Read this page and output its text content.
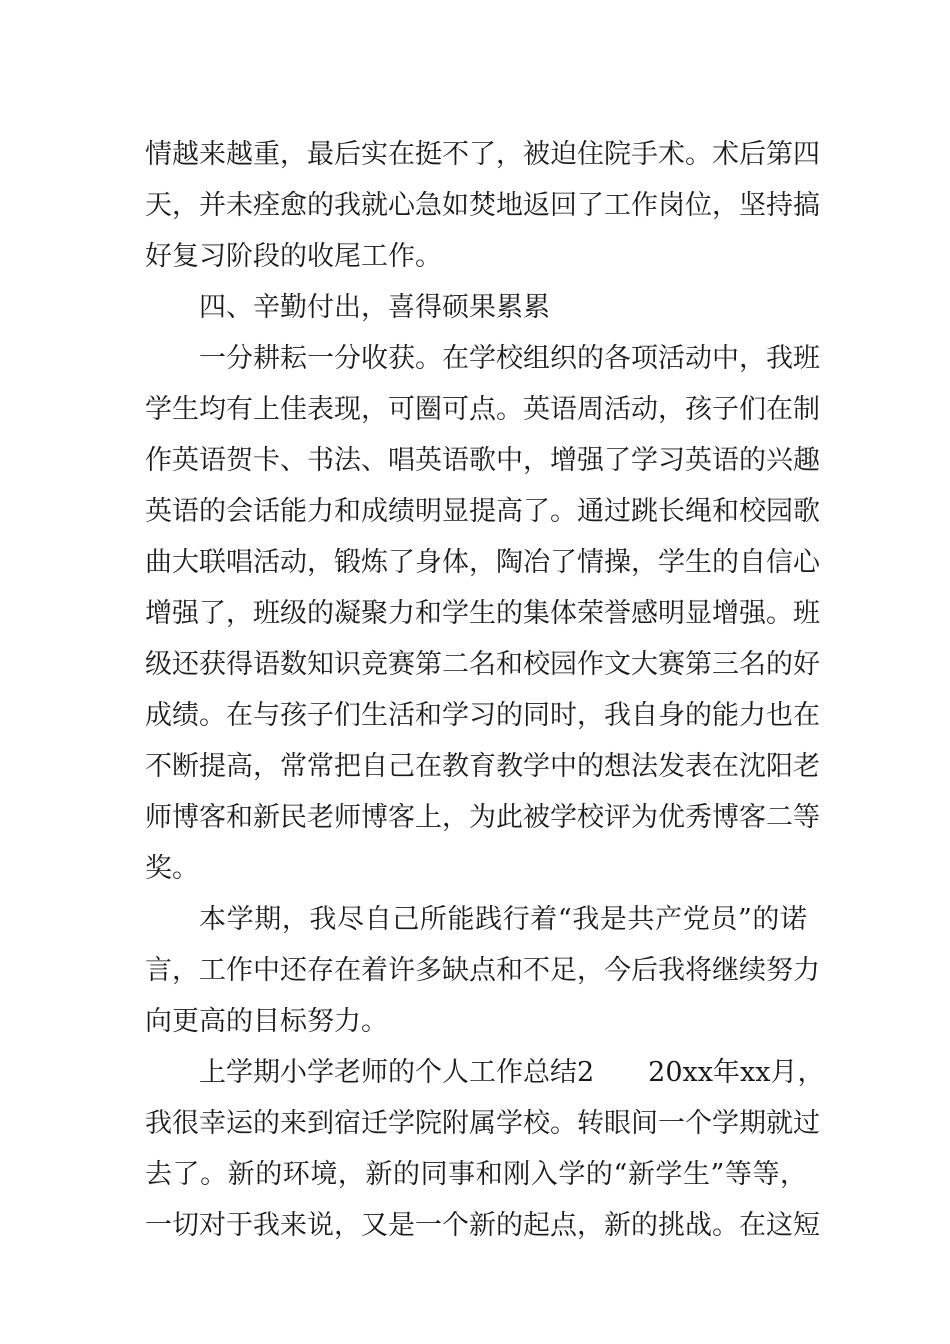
情越来越重，最后实在挺不了，被迫住院手术。术后第四
天，并未痊愈的我就心急如焚地返回了工作岗位，坚持搞
好复习阶段的收尾工作。
四、辛勤付出，喜得硕果累累
一分耕耘一分收获。在学校组织的各项活动中，我班
学生均有上佳表现，可圈可点。英语周活动，孩子们在制
作英语贺卡、书法、唱英语歌中，增强了学习英语的兴趣
英语的会话能力和成绩明显提高了。通过跳长绳和校园歌
曲大联唱活动，锻炼了身体，陶冶了情操，学生的自信心
增强了，班级的凝聚力和学生的集体荣誉感明显增强。班
级还获得语数知识竞赛第二名和校园作文大赛第三名的好
成绩。在与孩子们生活和学习的同时，我自身的能力也在
不断提高，常常把自己在教育教学中的想法发表在沈阳老
师博客和新民老师博客上，为此被学校评为优秀博客二等
奖。
本学期，我尽自己所能践行着“我是共产党员”的诺
言，工作中还存在着许多缺点和不足，今后我将继续努力
向更高的目标努力。
上学期小学老师的个人工作总结2　　20xx年xx月，
我很幸运的来到宿迁学院附属学校。转眼间一个学期就过
去了。新的环境，新的同事和刚入学的“新学生”等等，
一切对于我来说，又是一个新的起点，新的挑战。在这短
